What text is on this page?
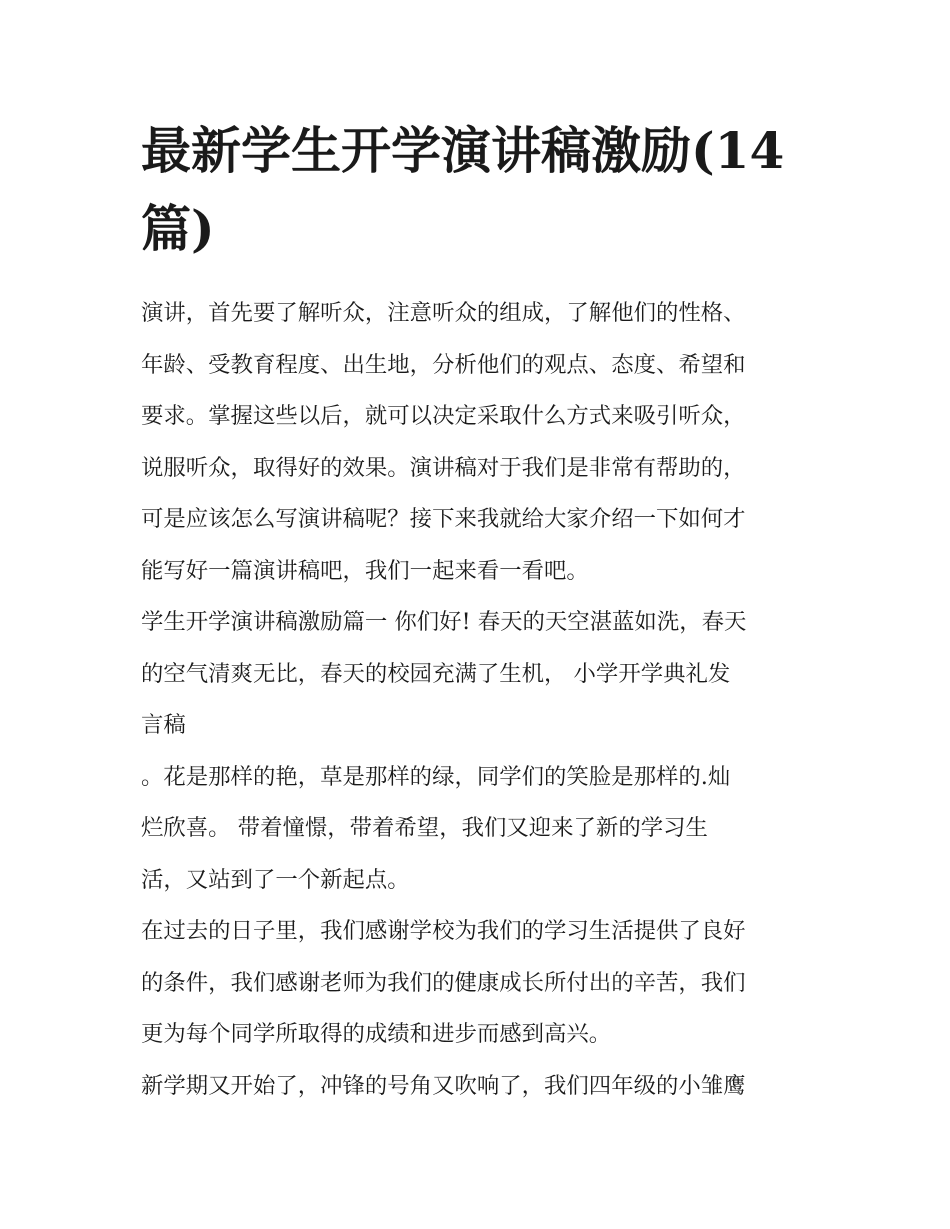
最新学生开学演讲稿激励(14
篇)

演讲，首先要了解听众，注意听众的组成，了解他们的性格、
年龄、受教育程度、出生地，分析他们的观点、态度、希望和
要求。掌握这些以后，就可以决定采取什么方式来吸引听众，
说服听众，取得好的效果。演讲稿对于我们是非常有帮助的，
可是应该怎么写演讲稿呢？接下来我就给大家介绍一下如何才
能写好一篇演讲稿吧，我们一起来看一看吧。

学生开学演讲稿激励篇一 你们好! 春天的天空湛蓝如洗，春天
的空气清爽无比，春天的校园充满了生机， 小学开学典礼发
言稿

。花是那样的艳，草是那样的绿，同学们的笑脸是那样的.灿
烂欣喜。 带着憧憬，带着希望，我们又迎来了新的学习生
活，又站到了一个新起点。

在过去的日子里，我们感谢学校为我们的学习生活提供了良好
的条件，我们感谢老师为我们的健康成长所付出的辛苦，我们
更为每个同学所取得的成绩和进步而感到高兴。

新学期又开始了，冲锋的号角又吹响了，我们四年级的小雏鹰
